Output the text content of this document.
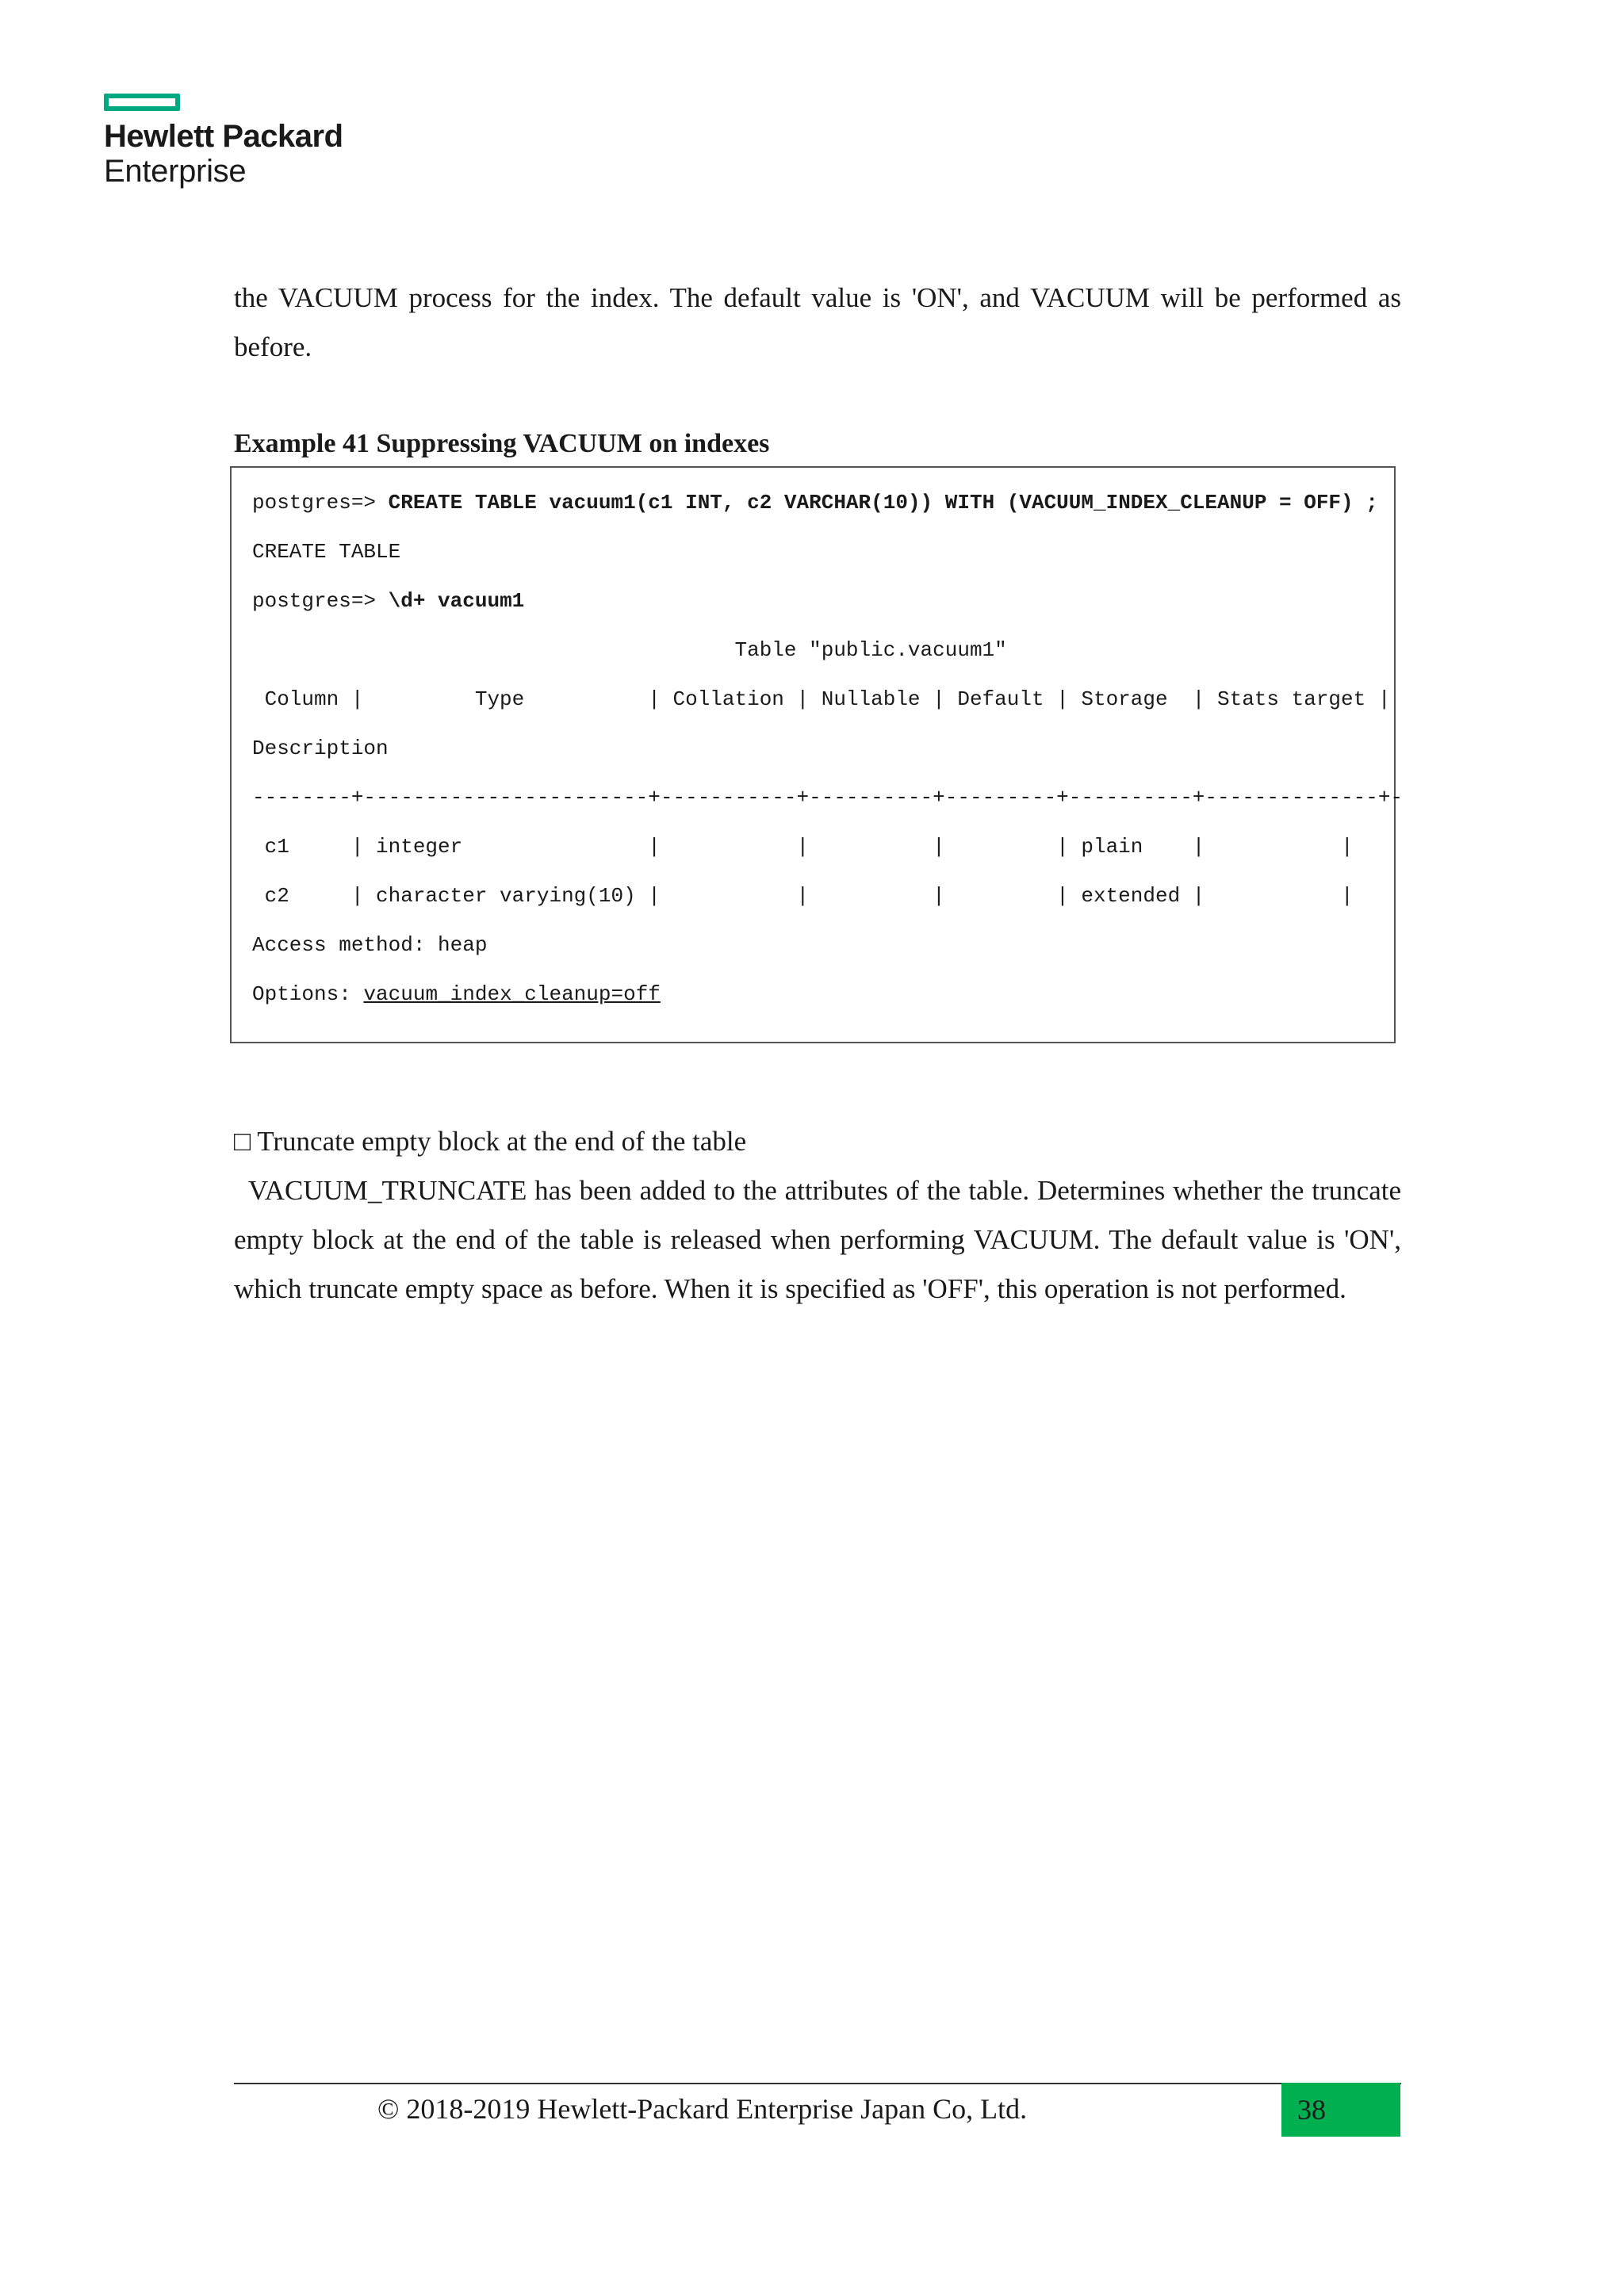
Hewlett Packard
Enterprise
the VACUUM process for the index. The default value is 'ON', and VACUUM will be performed as before.
Example 41 Suppressing VACUUM on indexes
postgres=> CREATE TABLE vacuum1(c1 INT, c2 VARCHAR(10)) WITH (VACUUM_INDEX_CLEANUP = OFF) ;
CREATE TABLE
postgres=> \d+ vacuum1
Table "public.vacuum1"
Column |         Type          | Collation | Nullable | Default | Storage  | Stats target |
Description
--------+-----------------------+-----------+----------+---------+----------+--------------+-
c1     | integer               |           |          |         | plain    |           |
c2     | character varying(10) |           |          |         | extended |           |
Access method: heap
Options: vacuum_index_cleanup=off
□ Truncate empty block at the end of the table
VACUUM_TRUNCATE has been added to the attributes of the table. Determines whether the truncate empty block at the end of the table is released when performing VACUUM. The default value is 'ON', which truncate empty space as before. When it is specified as 'OFF', this operation is not performed.
© 2018-2019 Hewlett-Packard Enterprise Japan Co, Ltd.	38
